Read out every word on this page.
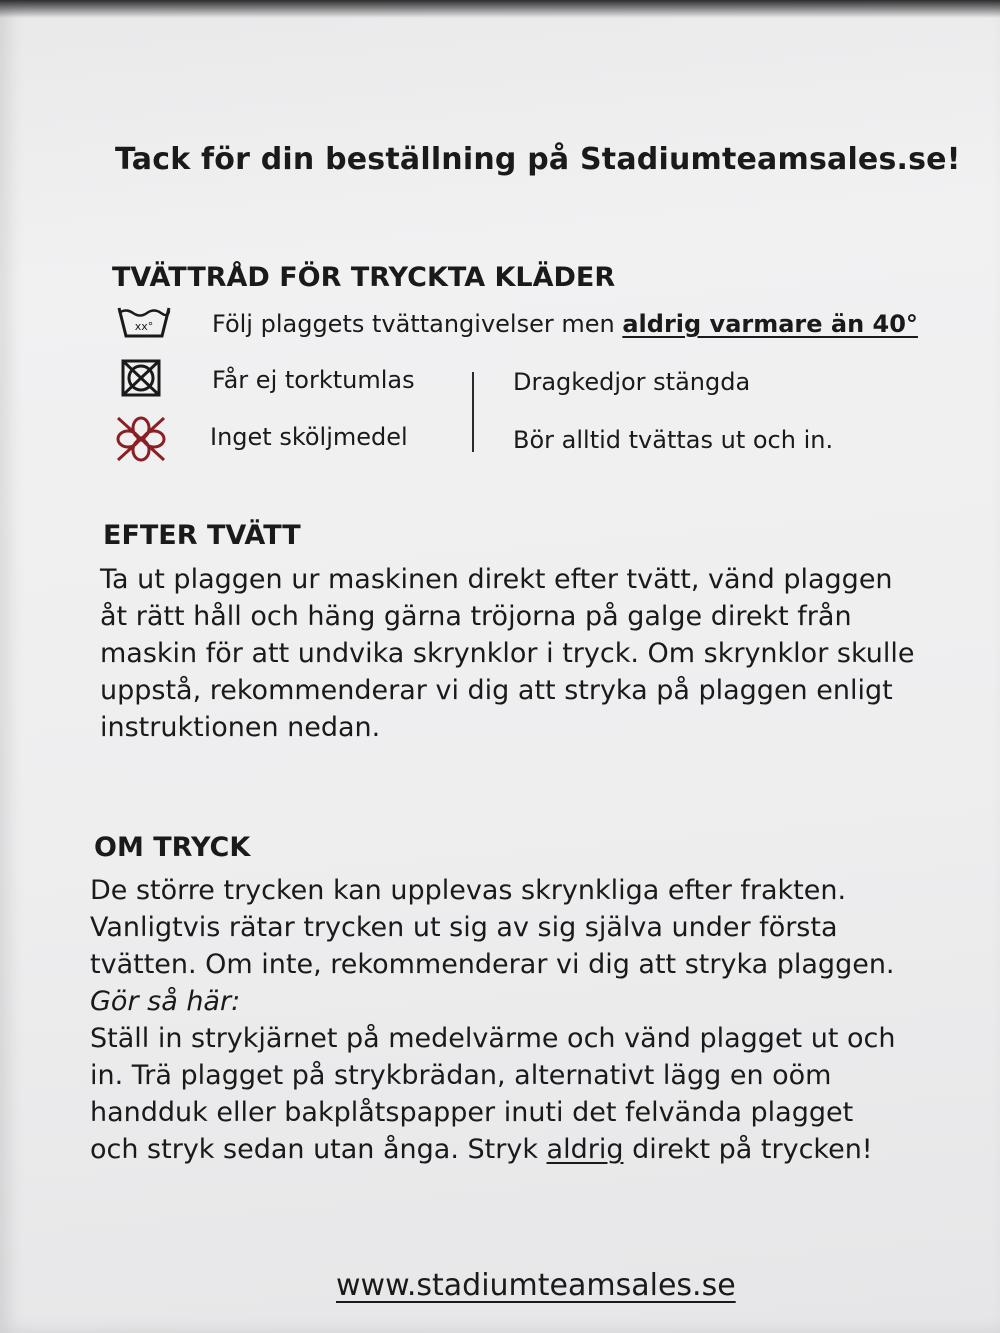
Tack för din beställning på Stadiumteamsales.se!
TVÄTTRÅD FÖR TRYCKTA KLÄDER
xx° Följ plaggets tvättangivelser men aldrig varmare än 40°
Får ej torktumlas	Dragkedjor stängda
Inget sköljmedel	Bör alltid tvättas ut och in.
EFTER TVÄTT

Ta ut plaggen ur maskinen direkt efter tvätt, vänd plaggen

åt rätt håll och häng gärna tröjorna på galge direkt från

maskin för att undvika skrynklor i tryck. Om skrynklor skulle

uppstå, rekommenderar vi dig att stryka på plaggen enligt

instruktionen nedan.

OM TRYCK

De större trycken kan upplevas skrynkliga efter frakten.

Vanligtvis rätar trycken ut sig av sig själva under första

tvätten. Om inte, rekommenderar vi dig att stryka plaggen.

Gör så här:

Ställ in strykjärnet på medelvärme och vänd plagget ut och

in. Trä plagget på strykbrädan, alternativt lägg en oöm

handduk eller bakplåtspapper inuti det felvända plagget

och stryk sedan utan ånga. Stryk aldrig direkt på trycken!

www.stadiumteamsales.se
